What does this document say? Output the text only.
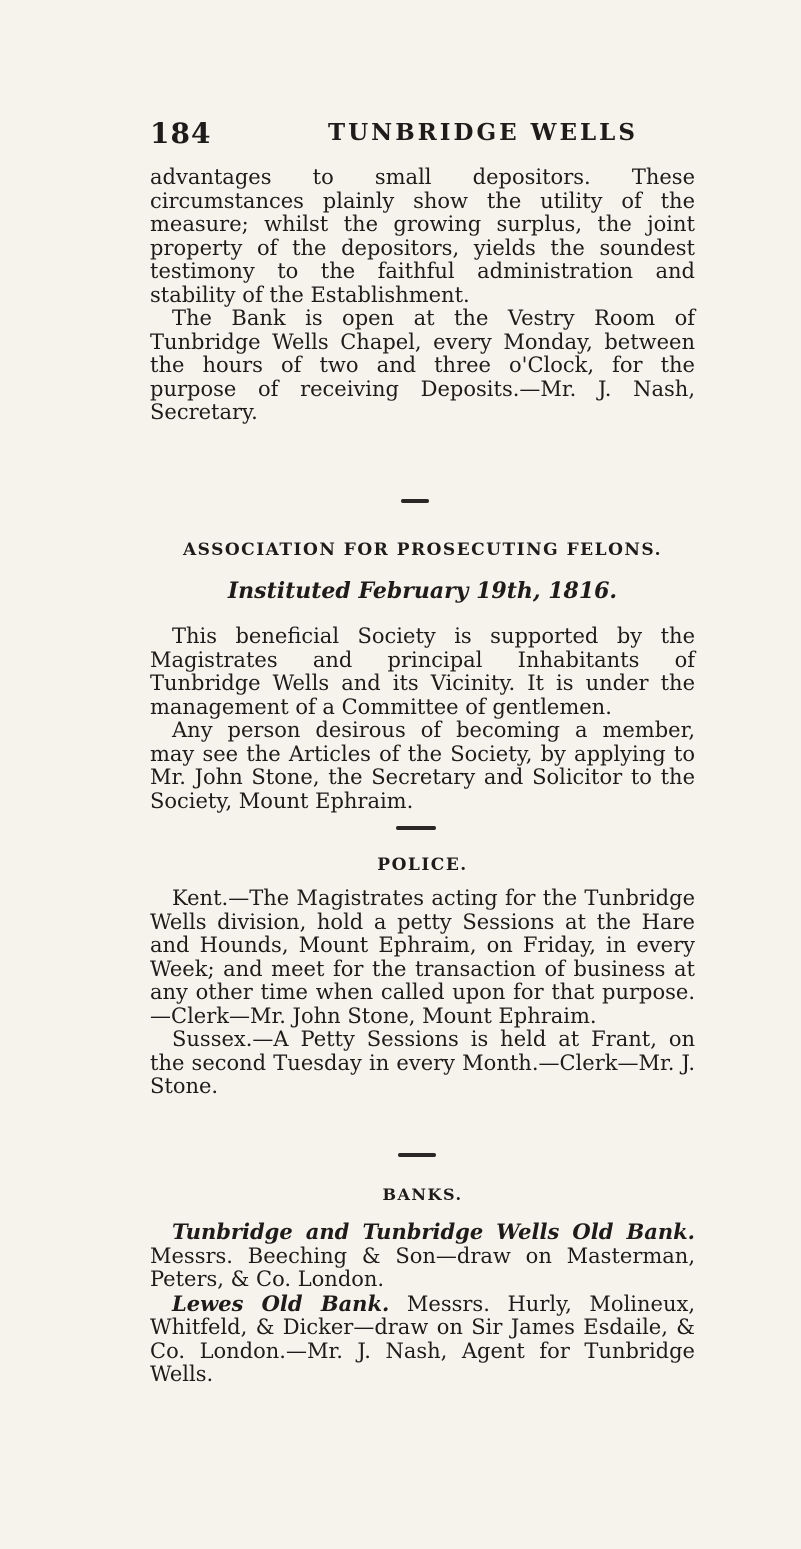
184	TUNBRIDGE WELLS

advantages to small depositors. These circumstances plainly show the utility of the measure; whilst the growing surplus, the joint property of the depositors, yields the soundest testimony to the faithful administration and stability of the Establishment.

The Bank is open at the Vestry Room of Tunbridge Wells Chapel, every Monday, between the hours of two and three o'Clock, for the purpose of receiving Deposits.—Mr. J. Nash, Secretary.

ASSOCIATION FOR PROSECUTING FELONS.
Instituted February 19th, 1816.

This beneficial Society is supported by the Magistrates and principal Inhabitants of Tunbridge Wells and its Vicinity. It is under the management of a Committee of gentlemen.

Any person desirous of becoming a member, may see the Articles of the Society, by applying to Mr. John Stone, the Secretary and Solicitor to the Society, Mount Ephraim.

POLICE.

Kent.—The Magistrates acting for the Tunbridge Wells division, hold a petty Sessions at the Hare and Hounds, Mount Ephraim, on Friday, in every Week; and meet for the transaction of business at any other time when called upon for that purpose.—Clerk—Mr. John Stone, Mount Ephraim.

Sussex.—A Petty Sessions is held at Frant, on the second Tuesday in every Month.—Clerk—Mr. J. Stone.

BANKS.

Tunbridge and Tunbridge Wells Old Bank. Messrs. Beeching & Son—draw on Masterman, Peters, & Co. London.

Lewes Old Bank. Messrs. Hurly, Molineux, Whitfeld, & Dicker—draw on Sir James Esdaile, & Co. London.—Mr. J. Nash, Agent for Tunbridge Wells.
